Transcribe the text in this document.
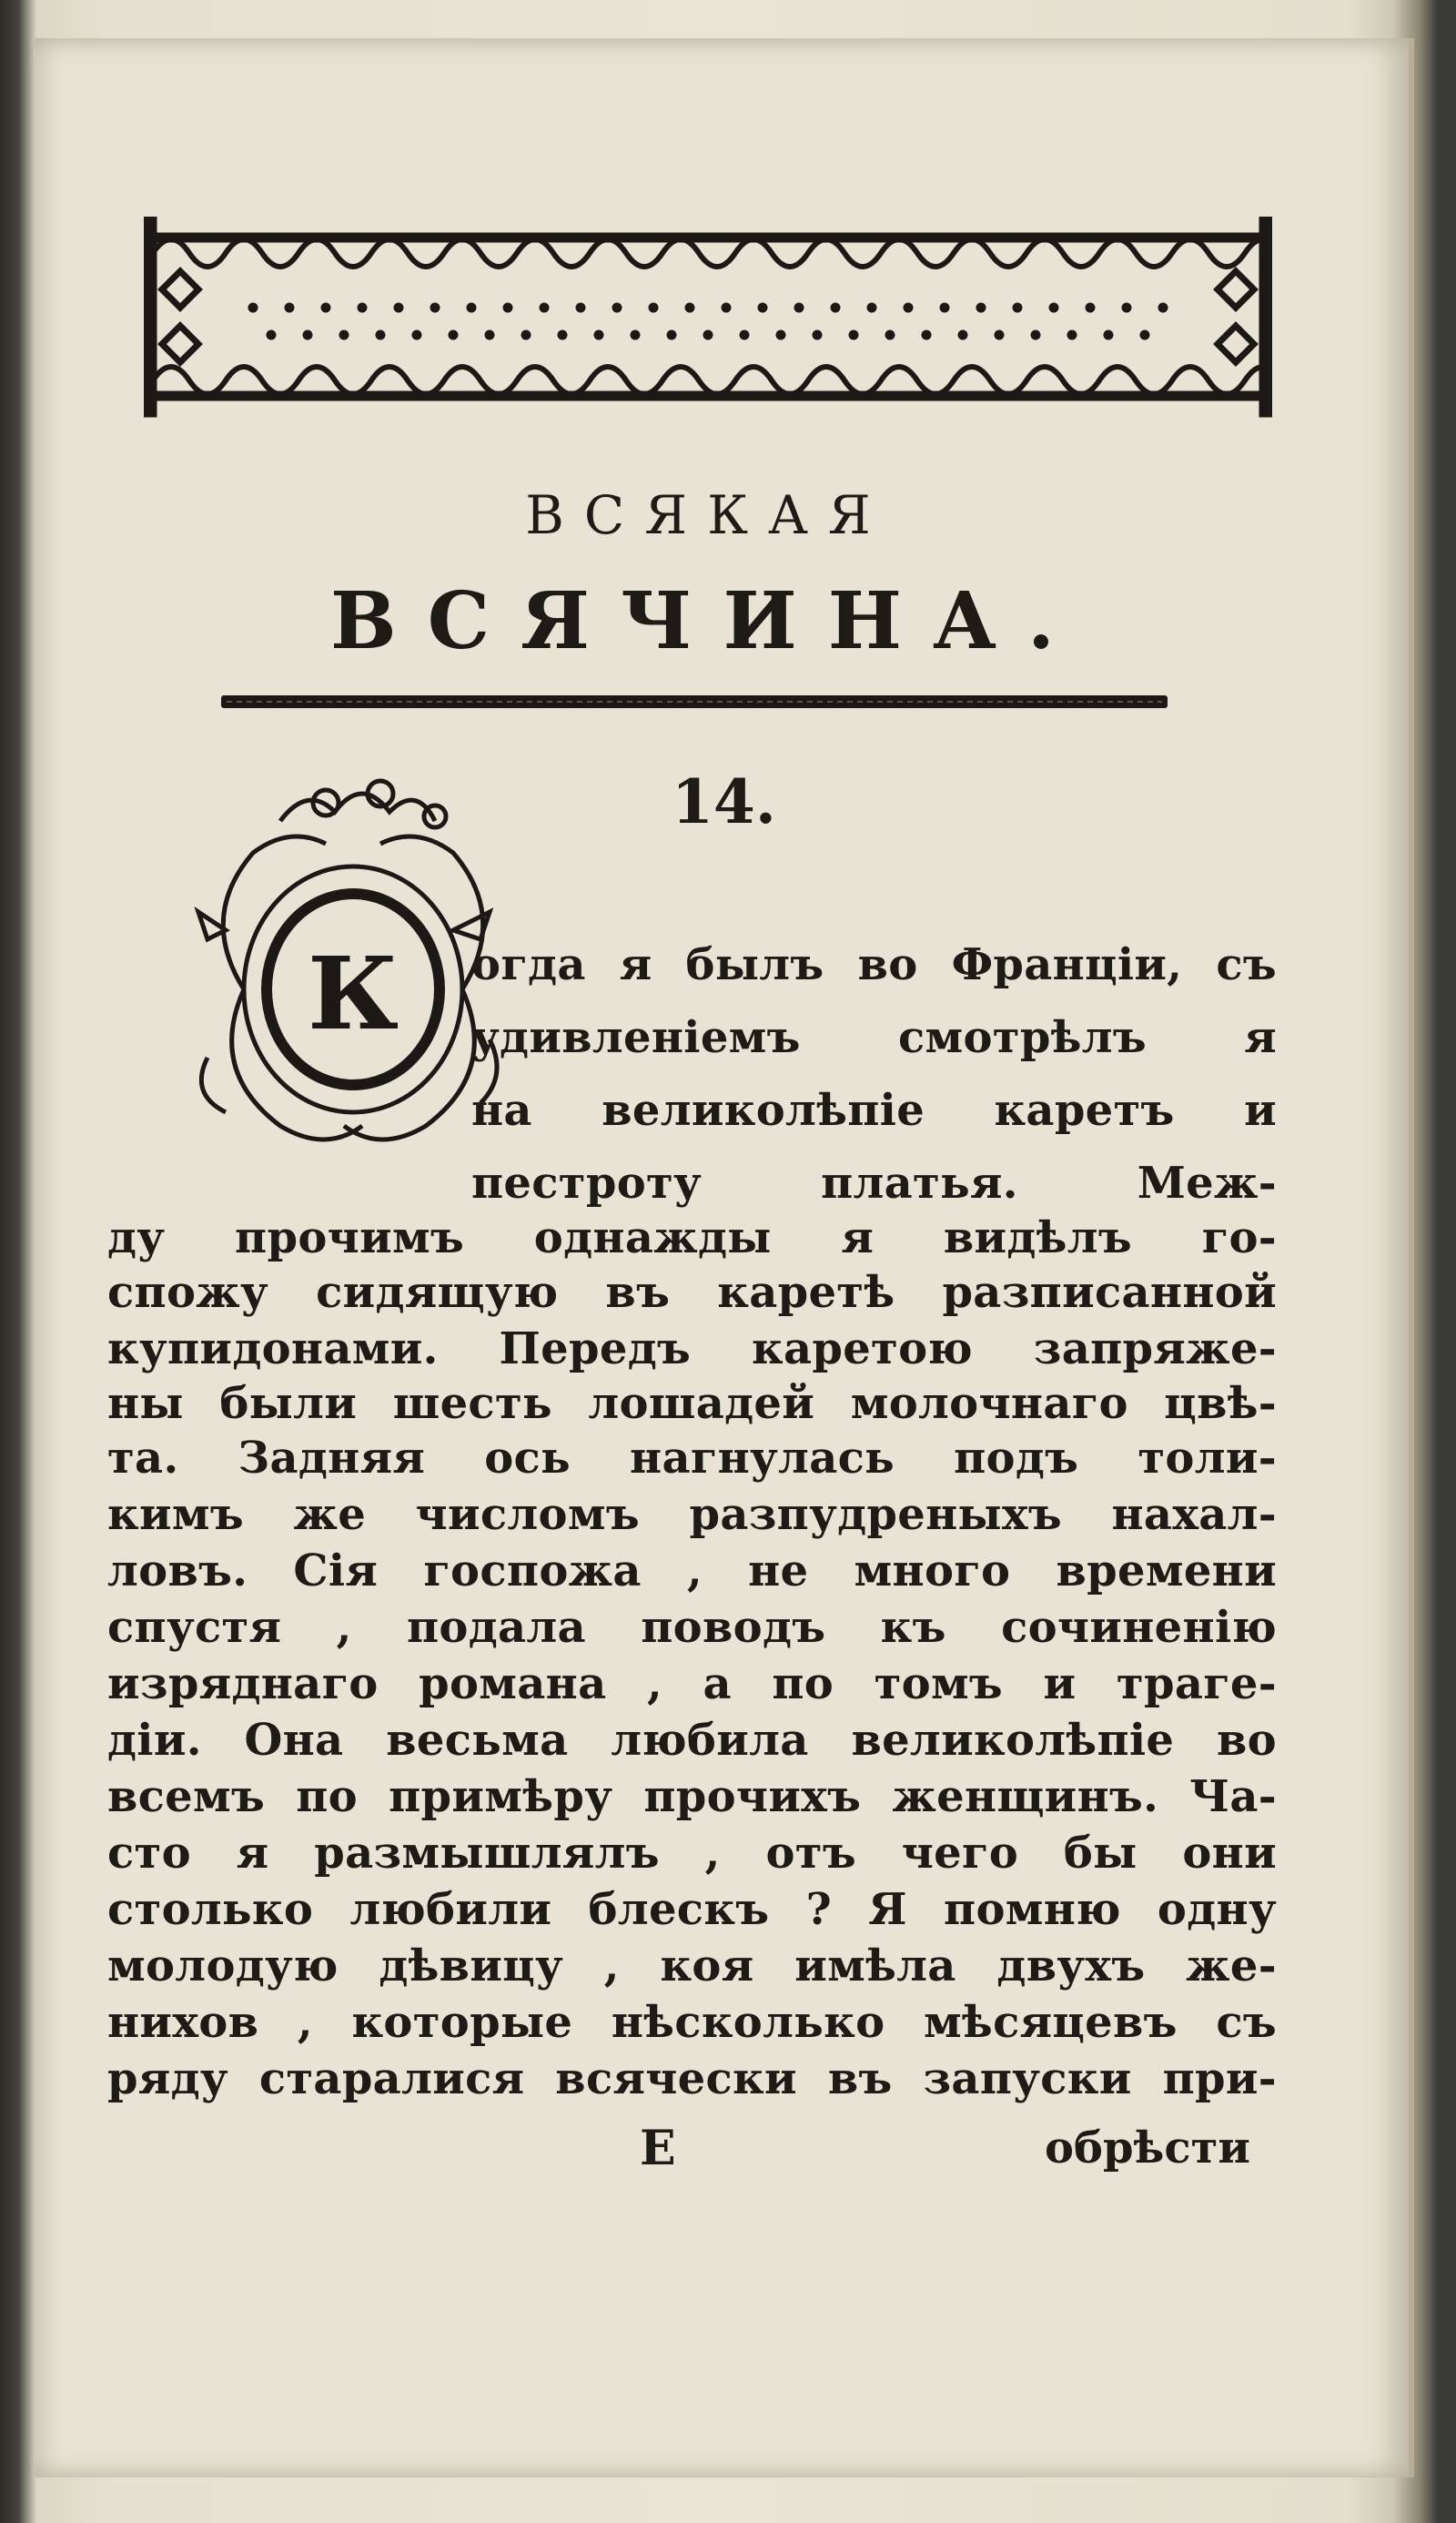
ВСЯКАЯ
ВСЯЧИНА.
14.
К	огда я былъ во Франціи, съ
удивленіемъ смотрѣлъ я
на великолѣпіе каретъ и
пестроту платья. Меж-
ду прочимъ однажды я видѣлъ го-
спожу сидящую въ каретѣ разписанной
купидонами. Передъ каретою запряже-
ны были шесть лошадей молочнаго цвѣ-
та. Задняя ось нагнулась подъ толи-
кимъ же числомъ разпудреныхъ нахал-
ловъ. Сія госпожа , не много времени
спустя , подала поводъ къ сочиненію
изряднаго романа , а по томъ и траге-
діи. Она весьма любила великолѣпіе во
всемъ по примѣру прочихъ женщинъ. Ча-
сто я размышлялъ , отъ чего бы они
столько любили блескъ ? Я помню одну
молодую дѣвицу , коя имѣла двухъ же-
нихов , которые нѣсколько мѣсяцевъ съ
ряду старалися всячески въ запуски при-
Е	обрѣсти
